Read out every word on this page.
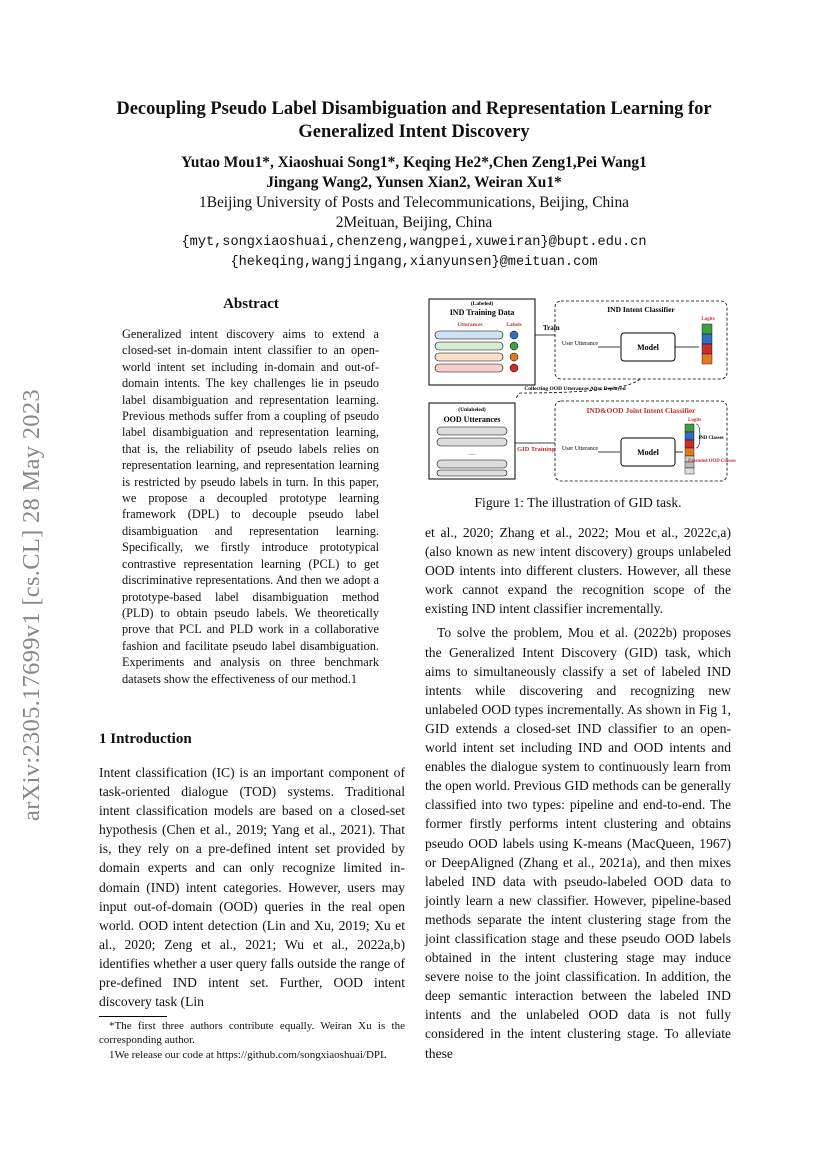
arXiv:2305.17699v1 [cs.CL] 28 May 2023
Decoupling Pseudo Label Disambiguation and Representation Learning for Generalized Intent Discovery
Yutao Mou1*, Xiaoshuai Song1*, Keqing He2*,Chen Zeng1,Pei Wang1
Jingang Wang2, Yunsen Xian2, Weiran Xu1*
1Beijing University of Posts and Telecommunications, Beijing, China
2Meituan, Beijing, China
{myt,songxiaoshuai,chenzeng,wangpei,xuweiran}@bupt.edu.cn
{hekeqing,wangjingang,xianyunsen}@meituan.com
Abstract
Generalized intent discovery aims to extend a closed-set in-domain intent classifier to an open-world intent set including in-domain and out-of-domain intents. The key challenges lie in pseudo label disambiguation and representation learning. Previous methods suffer from a coupling of pseudo label disambiguation and representation learning, that is, the reliability of pseudo labels relies on representation learning, and representation learning is restricted by pseudo labels in turn. In this paper, we propose a decoupled prototype learning framework (DPL) to decouple pseudo label disambiguation and representation learning. Specifically, we firstly introduce prototypical contrastive representation learning (PCL) to get discriminative representations. And then we adopt a prototype-based label disambiguation method (PLD) to obtain pseudo labels. We theoretically prove that PCL and PLD work in a collaborative fashion and facilitate pseudo label disambiguation. Experiments and analysis on three benchmark datasets show the effectiveness of our method.1
1 Introduction
Intent classification (IC) is an important component of task-oriented dialogue (TOD) systems. Traditional intent classification models are based on a closed-set hypothesis (Chen et al., 2019; Yang et al., 2021). That is, they rely on a pre-defined intent set provided by domain experts and can only recognize limited in-domain (IND) intent categories. However, users may input out-of-domain (OOD) queries in the real open world. OOD intent detection (Lin and Xu, 2019; Xu et al., 2020; Zeng et al., 2021; Wu et al., 2022a,b) identifies whether a user query falls outside the range of pre-defined IND intent set. Further, OOD intent discovery task (Lin

*The first three authors contribute equally. Weiran Xu is the corresponding author.

1We release our code at https://github.com/songxiaoshuai/DPL

(Labeled)
IND Training Data
Utterances	Labels	Train
IND Intent Classifier
Logits
User Utterance	Model
Collecting OOD Utterances After Deployed
(Unlabeled)
OOD Utterances
......
GID Training
IND&OOD Joint Intent Classifier
Logits
User Utterance	Model
IND Classes
Extended OOD Classes
Figure 1: The illustration of GID task.

et al., 2020; Zhang et al., 2022; Mou et al., 2022c,a) (also known as new intent discovery) groups unlabeled OOD intents into different clusters. However, all these work cannot expand the recognition scope of the existing IND intent classifier incrementally.

To solve the problem, Mou et al. (2022b) proposes the Generalized Intent Discovery (GID) task, which aims to simultaneously classify a set of labeled IND intents while discovering and recognizing new unlabeled OOD types incrementally. As shown in Fig 1, GID extends a closed-set IND classifier to an open-world intent set including IND and OOD intents and enables the dialogue system to continuously learn from the open world. Previous GID methods can be generally classified into two types: pipeline and end-to-end. The former firstly performs intent clustering and obtains pseudo OOD labels using K-means (MacQueen, 1967) or DeepAligned (Zhang et al., 2021a), and then mixes labeled IND data with pseudo-labeled OOD data to jointly learn a new classifier. However, pipeline-based methods separate the intent clustering stage from the joint classification stage and these pseudo OOD labels obtained in the intent clustering stage may induce severe noise to the joint classification. In addition, the deep semantic interaction between the labeled IND intents and the unlabeled OOD data is not fully considered in the intent clustering stage. To alleviate these
